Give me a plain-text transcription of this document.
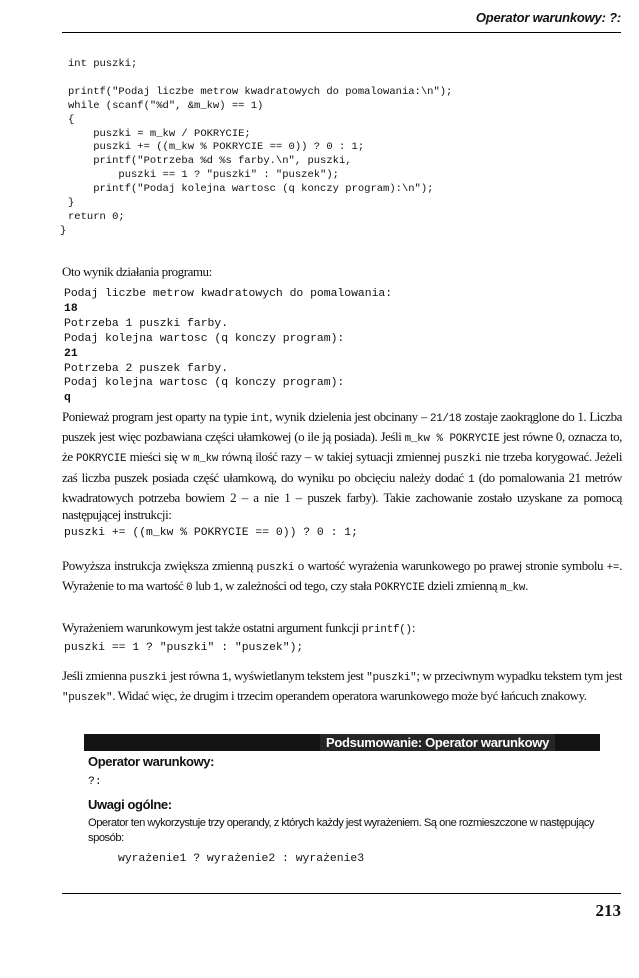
Operator warunkowy: ?:
int puszki;

printf("Podaj liczbe metrow kwadratowych do pomalowania:\n");
while (scanf("%d", &m_kw) == 1)
{
puszki = m_kw / POKRYCIE;
puszki += ((m_kw % POKRYCIE == 0)) ? 0 : 1;
printf("Potrzeba %d %s farby.\n", puszki,
puszki == 1 ? "puszki" : "puszek");
printf("Podaj kolejna wartosc (q konczy program):\n");
}
return 0;
}

Oto wynik działania programu:

Podaj liczbe metrow kwadratowych do pomalowania:
18
Potrzeba 1 puszki farby.
Podaj kolejna wartosc (q konczy program):
21
Potrzeba 2 puszek farby.
Podaj kolejna wartosc (q konczy program):
q

Ponieważ program jest oparty na typie int, wynik dzielenia jest obcinany – 21/18 zostaje zaokrąglone do 1. Liczba puszek jest więc pozbawiana części ułamkowej (o ile ją posiada). Jeśli m_kw % POKRYCIE jest równe 0, oznacza to, że POKRYCIE mieści się w m_kw równą ilość razy – w takiej sytuacji zmiennej puszki nie trzeba korygować. Jeżeli zaś liczba puszek posiada część ułamkową, do wyniku po obcięciu należy dodać 1 (do pomalowania 21 metrów kwadratowych potrzeba bowiem 2 – a nie 1 – puszek farby). Takie zachowanie zostało uzyskane za pomocą następującej instrukcji:

puszki += ((m_kw % POKRYCIE == 0)) ? 0 : 1;

Powyższa instrukcja zwiększa zmienną puszki o wartość wyrażenia warunkowego po prawej stronie symbolu +=. Wyrażenie to ma wartość 0 lub 1, w zależności od tego, czy stała POKRYCIE dzieli zmienną m_kw.

Wyrażeniem warunkowym jest także ostatni argument funkcji printf():

puszki == 1 ? "puszki" : "puszek");

Jeśli zmienna puszki jest równa 1, wyświetlanym tekstem jest "puszki"; w przeciwnym wypadku tekstem tym jest "puszek". Widać więc, że drugim i trzecim operandem operatora warunkowego może być łańcuch znakowy.

Podsumowanie: Operator warunkowy
Operator warunkowy:
?:
Uwagi ogólne:

Operator ten wykorzystuje trzy operandy, z których każdy jest wyrażeniem. Są one rozmieszczone w następujący sposób:

wyrażenie1 ? wyrażenie2 : wyrażenie3
213
